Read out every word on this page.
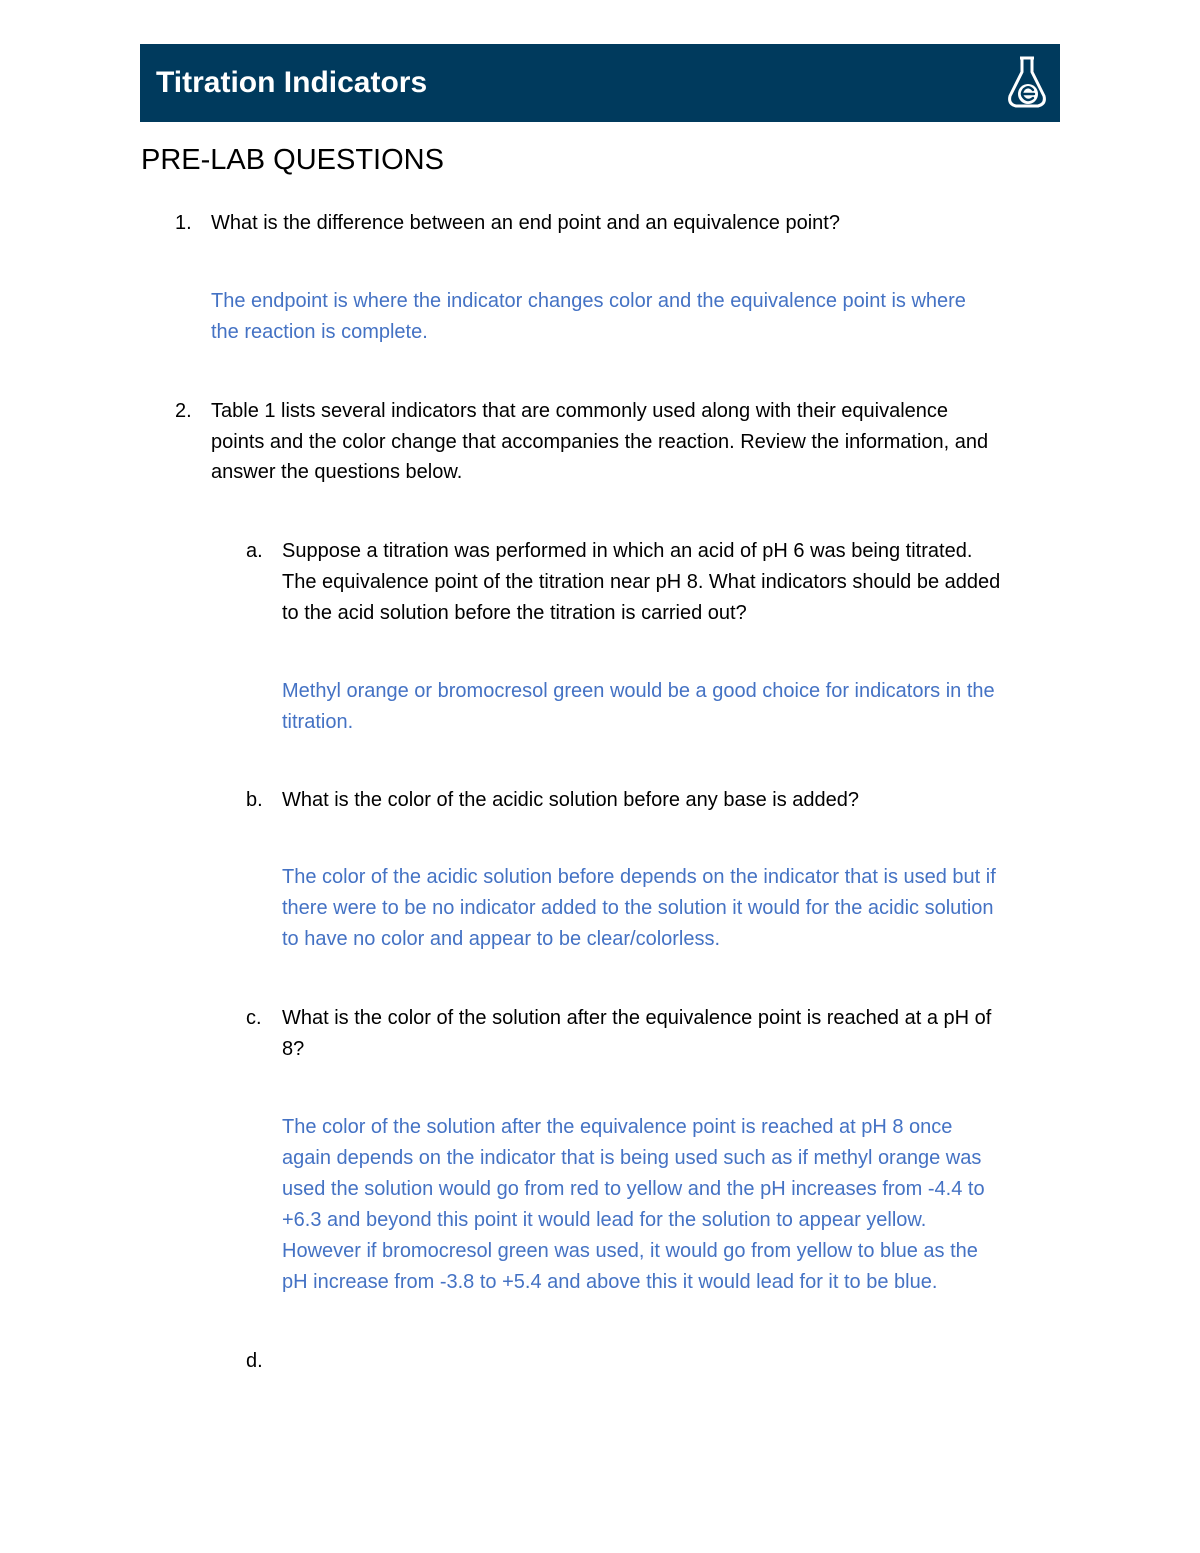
Titration Indicators
PRE-LAB QUESTIONS
1. What is the difference between an end point and an equivalence point?
The endpoint is where the indicator changes color and the equivalence point is where
the reaction is complete.
2. Table 1 lists several indicators that are commonly used along with their equivalence
points and the color change that accompanies the reaction. Review the information, and
answer the questions below.
a. Suppose a titration was performed in which an acid of pH 6 was being titrated.
The equivalence point of the titration near pH 8. What indicators should be added
to the acid solution before the titration is carried out?
Methyl orange or bromocresol green would be a good choice for indicators in the
titration.
b. What is the color of the acidic solution before any base is added?
The color of the acidic solution before depends on the indicator that is used but if
there were to be no indicator added to the solution it would for the acidic solution
to have no color and appear to be clear/colorless.
c. What is the color of the solution after the equivalence point is reached at a pH of
8?
The color of the solution after the equivalence point is reached at pH 8 once
again depends on the indicator that is being used such as if methyl orange was
used the solution would go from red to yellow and the pH increases from -4.4 to
+6.3 and beyond this point it would lead for the solution to appear yellow.
However if bromocresol green was used, it would go from yellow to blue as the
pH increase from -3.8 to +5.4 and above this it would lead for it to be blue.
d.
